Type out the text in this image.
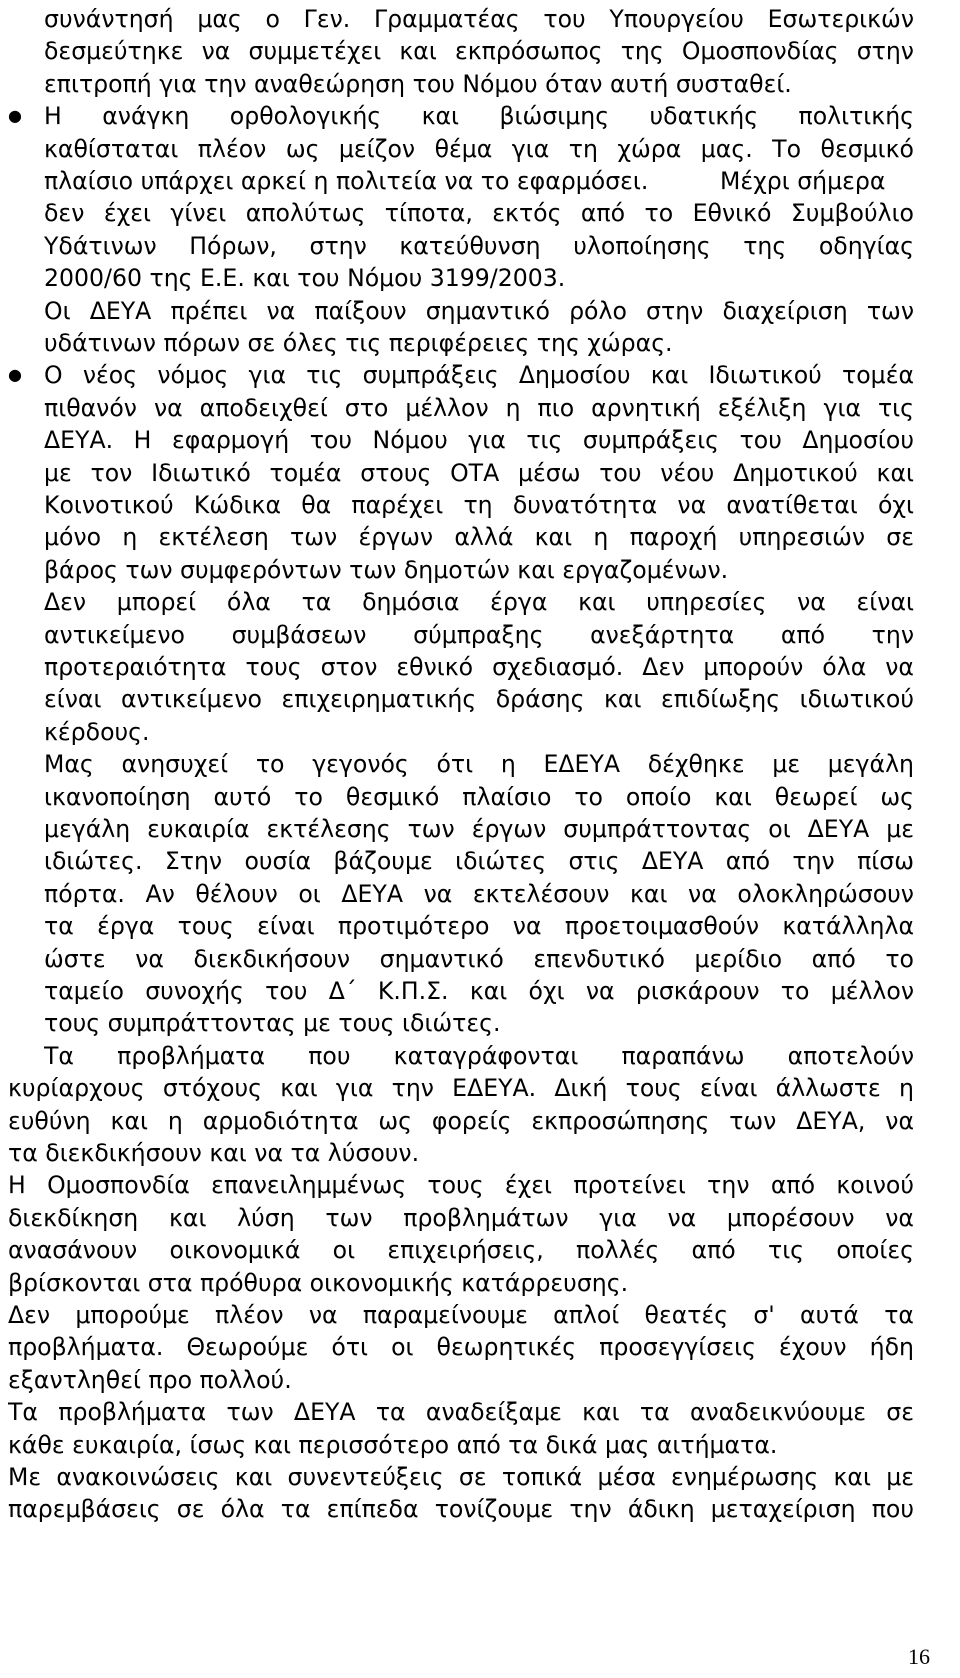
συνάντησή μας ο Γεν. Γραμματέας του Υπουργείου Εσωτερικών
δεσμεύτηκε να συμμετέχει και εκπρόσωπος της Ομοσπονδίας στην
επιτροπή για την αναθεώρηση του Νόμου όταν αυτή συσταθεί.
Η ανάγκη ορθολογικής και βιώσιμης υδατικής πολιτικής
●
καθίσταται πλέον ως μείζον θέμα για τη χώρα μας. Το θεσμικό
πλαίσιο υπάρχει αρκεί η πολιτεία να το εφαρμόσει.	Μέχρι σήμερα
δεν έχει γίνει απολύτως τίποτα, εκτός από το Εθνικό Συμβούλιο
Υδάτινων Πόρων, στην κατεύθυνση υλοποίησης της οδηγίας
2000/60 της Ε.Ε. και του Νόμου 3199/2003.
Οι ΔΕΥΑ πρέπει να παίξουν σημαντικό ρόλο στην διαχείριση των
υδάτινων πόρων σε όλες τις περιφέρειες της χώρας.
Ο νέος νόμος για τις συμπράξεις Δημοσίου και Ιδιωτικού τομέα
●
πιθανόν να αποδειχθεί στο μέλλον η πιο αρνητική εξέλιξη για τις
ΔΕΥΑ. Η εφαρμογή του Νόμου για τις συμπράξεις του Δημοσίου
με τον Ιδιωτικό τομέα στους ΟΤΑ μέσω του νέου Δημοτικού και
Κοινοτικού Κώδικα θα παρέχει τη δυνατότητα να ανατίθεται όχι
μόνο η εκτέλεση των έργων αλλά και η παροχή υπηρεσιών σε
βάρος των συμφερόντων των δημοτών και εργαζομένων.
Δεν μπορεί όλα τα δημόσια έργα και υπηρεσίες να είναι
αντικείμενο συμβάσεων σύμπραξης ανεξάρτητα από την
προτεραιότητα τους στον εθνικό σχεδιασμό. Δεν μπορούν όλα να
είναι αντικείμενο επιχειρηματικής δράσης και επιδίωξης ιδιωτικού
κέρδους.
Μας ανησυχεί το γεγονός ότι η ΕΔΕΥΑ δέχθηκε με μεγάλη
ικανοποίηση αυτό το θεσμικό πλαίσιο το οποίο και θεωρεί ως
μεγάλη ευκαιρία εκτέλεσης των έργων συμπράττοντας οι ΔΕΥΑ με
ιδιώτες. Στην ουσία βάζουμε ιδιώτες στις ΔΕΥΑ από την πίσω
πόρτα. Αν θέλουν οι ΔΕΥΑ να εκτελέσουν και να ολοκληρώσουν
τα έργα τους είναι προτιμότερο να προετοιμασθούν κατάλληλα
ώστε να διεκδικήσουν σημαντικό επενδυτικό μερίδιο από το
ταμείο συνοχής του Δ΄ Κ.Π.Σ. και όχι να ρισκάρουν το μέλλον
τους συμπράττοντας με τους ιδιώτες.
Τα προβλήματα που καταγράφονται παραπάνω αποτελούν
κυρίαρχους στόχους και για την ΕΔΕΥΑ. Δική τους είναι άλλωστε η
ευθύνη και η αρμοδιότητα ως φορείς εκπροσώπησης των ΔΕΥΑ, να
τα διεκδικήσουν και να τα λύσουν.
Η Ομοσπονδία επανειλημμένως τους έχει προτείνει την από κοινού
διεκδίκηση και λύση των προβλημάτων για να μπορέσουν να
ανασάνουν οικονομικά οι επιχειρήσεις, πολλές από τις οποίες
βρίσκονται στα πρόθυρα οικονομικής κατάρρευσης.
Δεν μπορούμε πλέον να παραμείνουμε απλοί θεατές σ' αυτά τα
προβλήματα. Θεωρούμε ότι οι θεωρητικές προσεγγίσεις έχουν ήδη
εξαντληθεί προ πολλού.
Τα προβλήματα των ΔΕΥΑ τα αναδείξαμε και τα αναδεικνύουμε σε
κάθε ευκαιρία, ίσως και περισσότερο από τα δικά μας αιτήματα.
Με ανακοινώσεις και συνεντεύξεις σε τοπικά μέσα ενημέρωσης και με
παρεμβάσεις σε όλα τα επίπεδα τονίζουμε την άδικη μεταχείριση που
16
